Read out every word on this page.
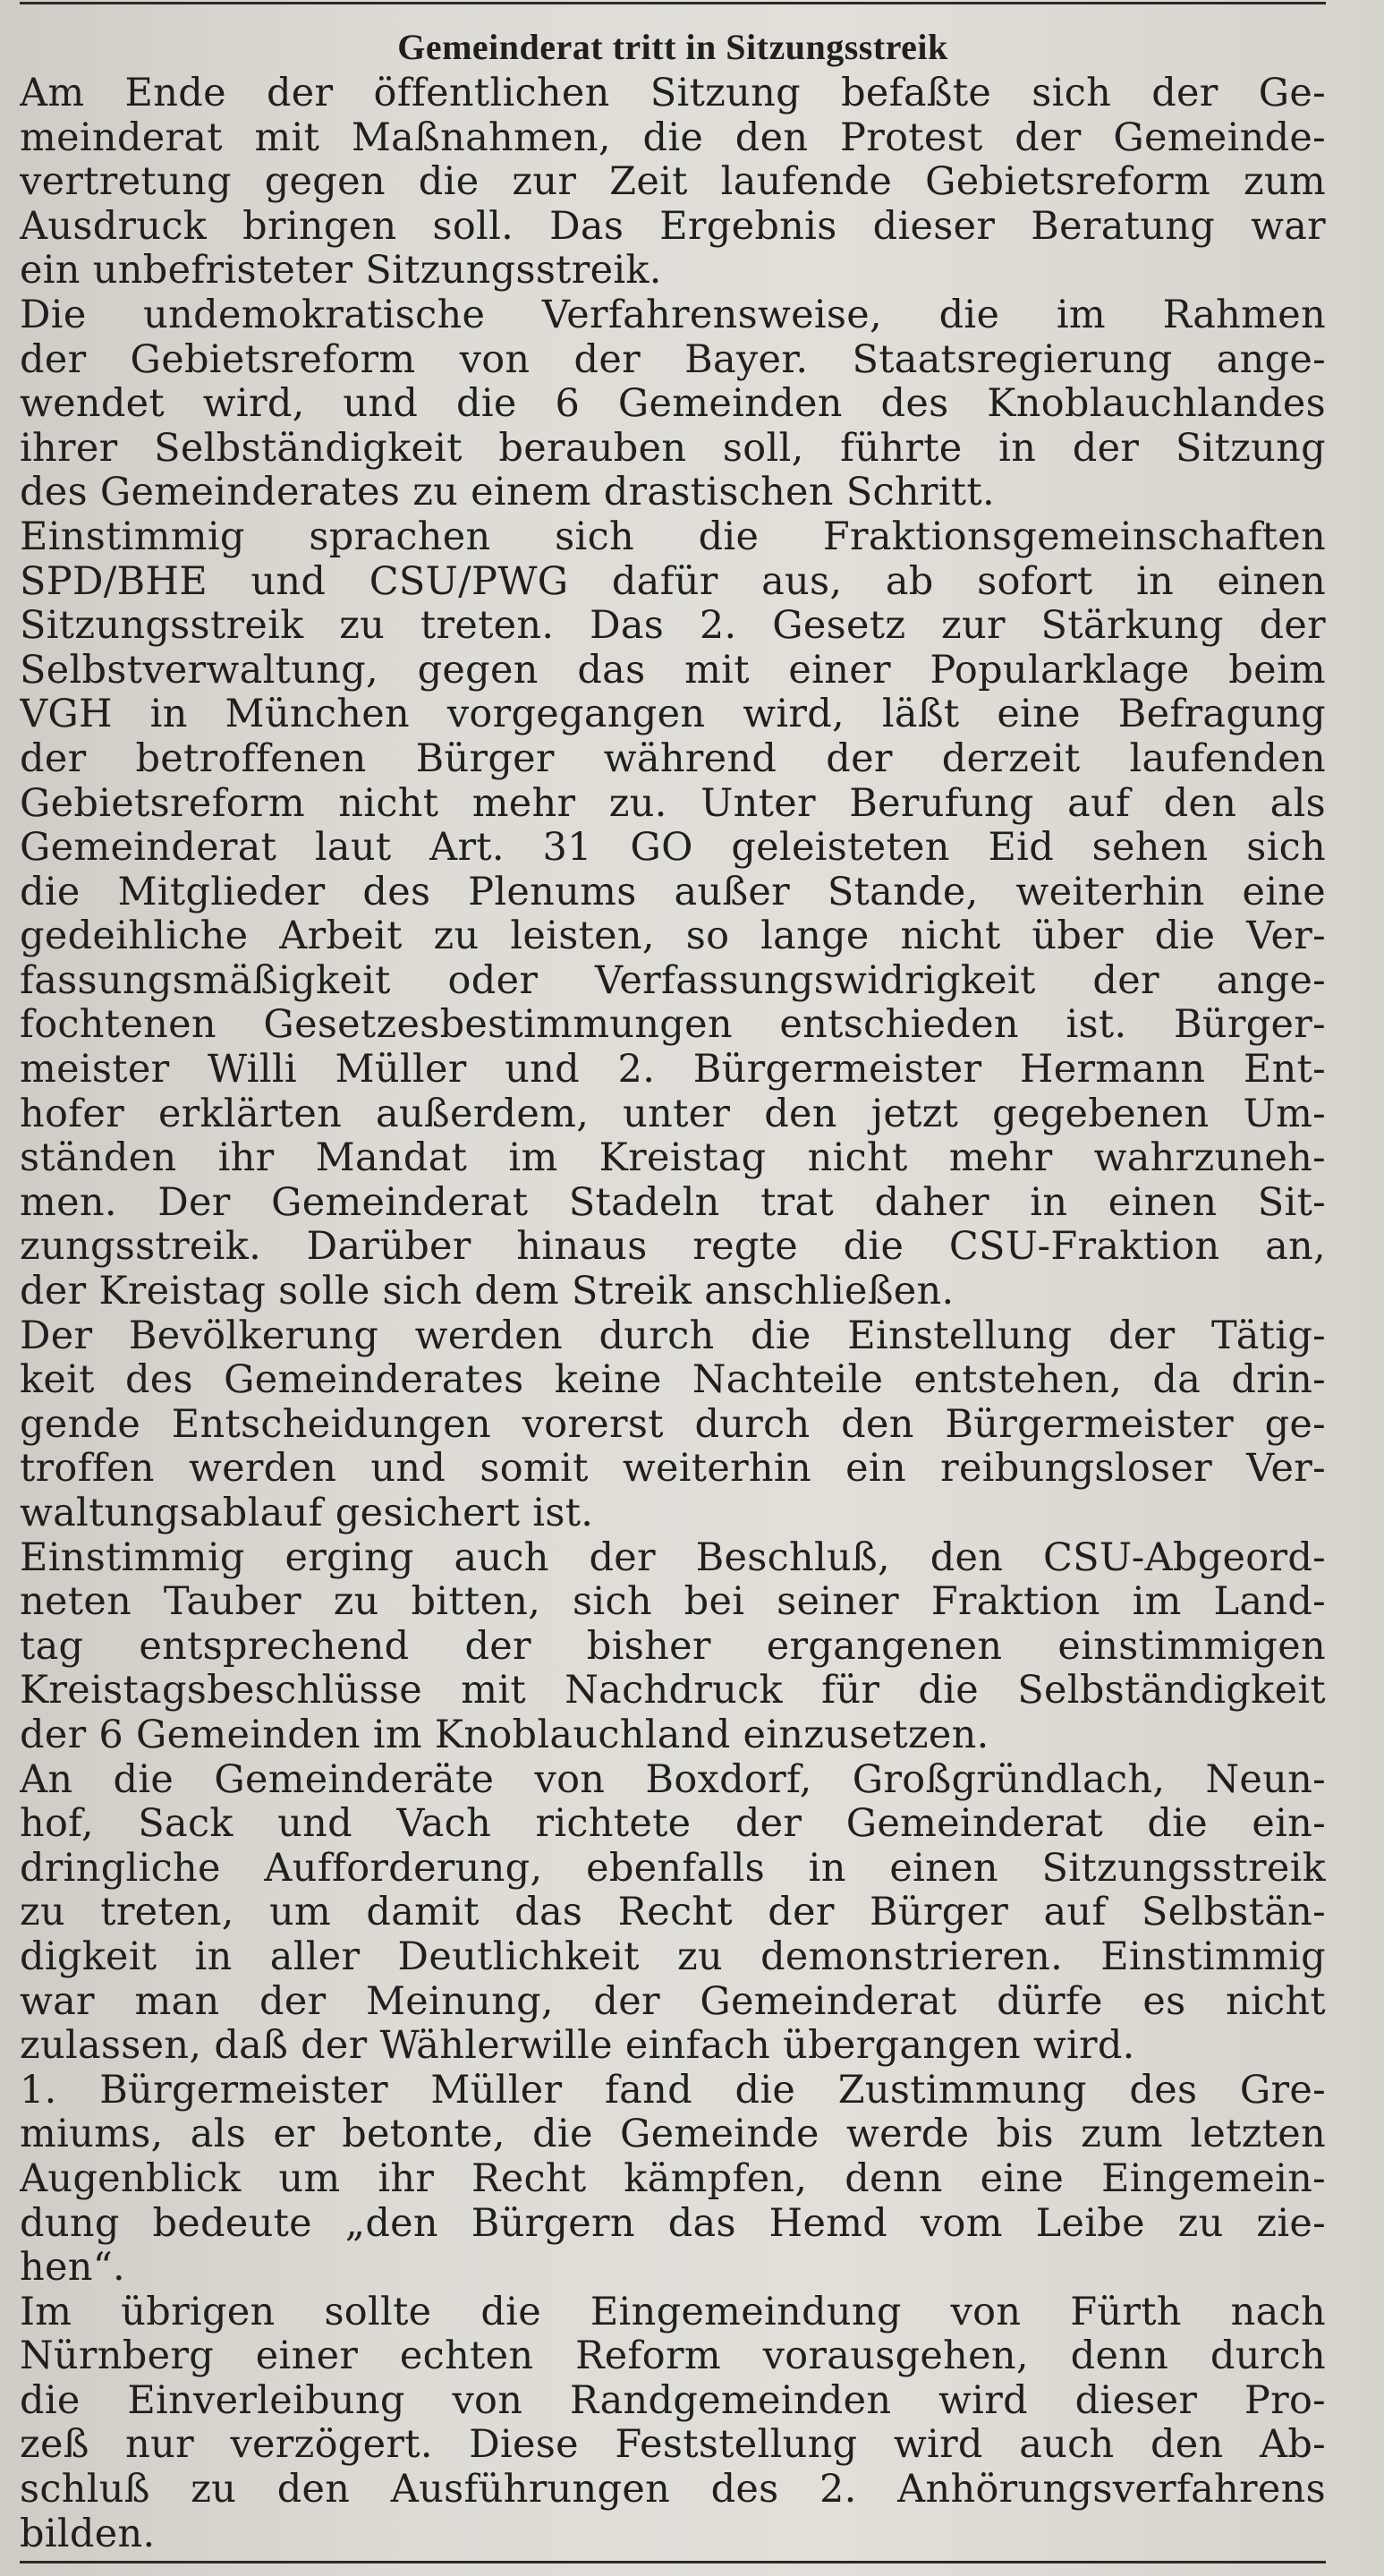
Gemeinderat tritt in Sitzungsstreik
Am Ende der öffentlichen Sitzung befaßte sich der Ge-
meinderat mit Maßnahmen, die den Protest der Gemeinde-
vertretung gegen die zur Zeit laufende Gebietsreform zum
Ausdruck bringen soll. Das Ergebnis dieser Beratung war
ein unbefristeter Sitzungsstreik.
Die undemokratische Verfahrensweise, die im Rahmen
der Gebietsreform von der Bayer. Staatsregierung ange-
wendet wird, und die 6 Gemeinden des Knoblauchlandes
ihrer Selbständigkeit berauben soll, führte in der Sitzung
des Gemeinderates zu einem drastischen Schritt.
Einstimmig sprachen sich die Fraktionsgemeinschaften
SPD/BHE und CSU/PWG dafür aus, ab sofort in einen
Sitzungsstreik zu treten. Das 2. Gesetz zur Stärkung der
Selbstverwaltung, gegen das mit einer Popularklage beim
VGH in München vorgegangen wird, läßt eine Befragung
der betroffenen Bürger während der derzeit laufenden
Gebietsreform nicht mehr zu. Unter Berufung auf den als
Gemeinderat laut Art. 31 GO geleisteten Eid sehen sich
die Mitglieder des Plenums außer Stande, weiterhin eine
gedeihliche Arbeit zu leisten, so lange nicht über die Ver-
fassungsmäßigkeit oder Verfassungswidrigkeit der ange-
fochtenen Gesetzesbestimmungen entschieden ist. Bürger-
meister Willi Müller und 2. Bürgermeister Hermann Ent-
hofer erklärten außerdem, unter den jetzt gegebenen Um-
ständen ihr Mandat im Kreistag nicht mehr wahrzuneh-
men. Der Gemeinderat Stadeln trat daher in einen Sit-
zungsstreik. Darüber hinaus regte die CSU-Fraktion an,
der Kreistag solle sich dem Streik anschließen.
Der Bevölkerung werden durch die Einstellung der Tätig-
keit des Gemeinderates keine Nachteile entstehen, da drin-
gende Entscheidungen vorerst durch den Bürgermeister ge-
troffen werden und somit weiterhin ein reibungsloser Ver-
waltungsablauf gesichert ist.
Einstimmig erging auch der Beschluß, den CSU-Abgeord-
neten Tauber zu bitten, sich bei seiner Fraktion im Land-
tag entsprechend der bisher ergangenen einstimmigen
Kreistagsbeschlüsse mit Nachdruck für die Selbständigkeit
der 6 Gemeinden im Knoblauchland einzusetzen.
An die Gemeinderäte von Boxdorf, Großgründlach, Neun-
hof, Sack und Vach richtete der Gemeinderat die ein-
dringliche Aufforderung, ebenfalls in einen Sitzungsstreik
zu treten, um damit das Recht der Bürger auf Selbstän-
digkeit in aller Deutlichkeit zu demonstrieren. Einstimmig
war man der Meinung, der Gemeinderat dürfe es nicht
zulassen, daß der Wählerwille einfach übergangen wird.
1. Bürgermeister Müller fand die Zustimmung des Gre-
miums, als er betonte, die Gemeinde werde bis zum letzten
Augenblick um ihr Recht kämpfen, denn eine Eingemein-
dung bedeute „den Bürgern das Hemd vom Leibe zu zie-
hen“.
Im übrigen sollte die Eingemeindung von Fürth nach
Nürnberg einer echten Reform vorausgehen, denn durch
die Einverleibung von Randgemeinden wird dieser Pro-
zeß nur verzögert. Diese Feststellung wird auch den Ab-
schluß zu den Ausführungen des 2. Anhörungsverfahrens
bilden.
